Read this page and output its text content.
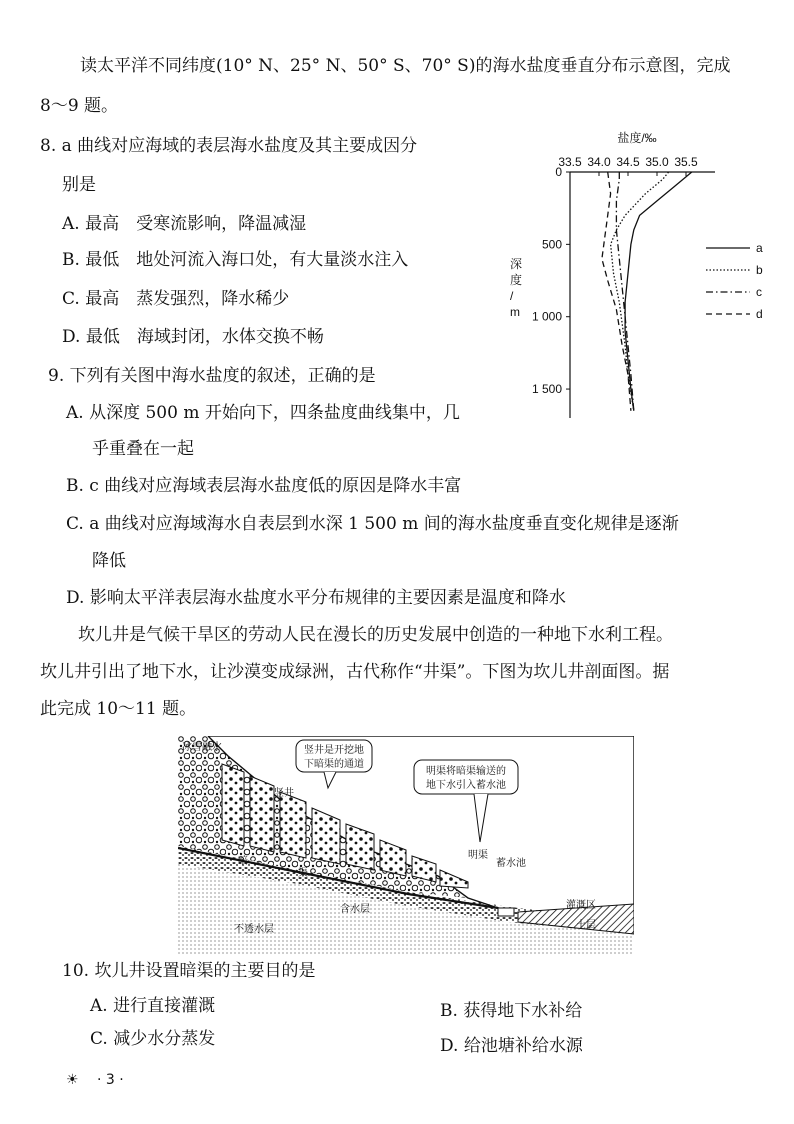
读太平洋不同纬度(10° N、25° N、50° S、70° S)的海水盐度垂直分布示意图，完成
8～9 题。
8. a 曲线对应海域的表层海水盐度及其主要成因分
别是
A. 最高　受寒流影响，降温减湿
B. 最低　地处河流入海口处，有大量淡水注入
C. 最高　蒸发强烈，降水稀少
D. 最低　海域封闭，水体交换不畅
9. 下列有关图中海水盐度的叙述，正确的是
A. 从深度 500 m 开始向下，四条盐度曲线集中，几
乎重叠在一起
B. c 曲线对应海域表层海水盐度低的原因是降水丰富
C. a 曲线对应海域海水自表层到水深 1 500 m 间的海水盐度垂直变化规律是逐渐
降低
D. 影响太平洋表层海水盐度水平分布规律的主要因素是温度和降水
坎儿井是气候干旱区的劳动人民在漫长的历史发展中创造的一种地下水利工程。
坎儿井引出了地下水，让沙漠变成绿洲，古代称作“井渠”。下图为坎儿井剖面图。据
此完成 10～11 题。
10. 坎儿井设置暗渠的主要目的是
A. 进行直接灌溉	B. 获得地下水补给
C. 减少水分蒸发	D. 给池塘补给水源
盐度/‰
33.5 34.0 34.5 35.0 35.5
0
500
1 000
1 500
深
度
/
m
a
b
c
d
竖井是开挖地
下暗渠的通道
明渠将暗渠输送的
地下水引入蓄水池
冰雪融水
竖井
暗
渠
含水层
不透水层
明渠
蓄水池
灌溉区
土层
☀ · 3 ·
